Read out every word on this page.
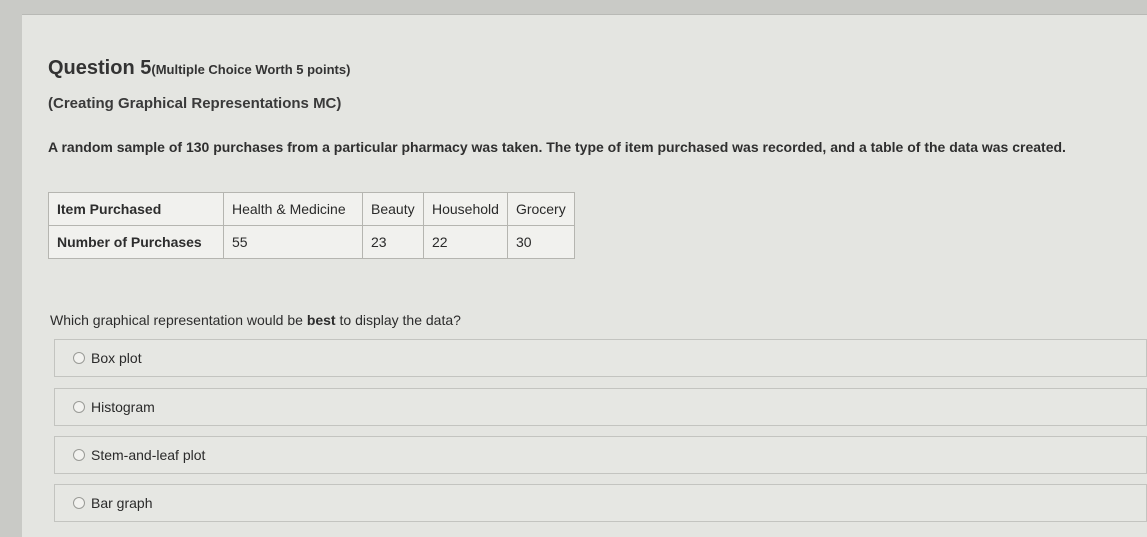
Question 5(Multiple Choice Worth 5 points)
(Creating Graphical Representations MC)
A random sample of 130 purchases from a particular pharmacy was taken. The type of item purchased was recorded, and a table of the data was created.
Item Purchased	Health & Medicine	Beauty	Household	Grocery
Number of Purchases	55	23	22	30
Which graphical representation would be best to display the data?
Box plot
Histogram
Stem-and-leaf plot
Bar graph
